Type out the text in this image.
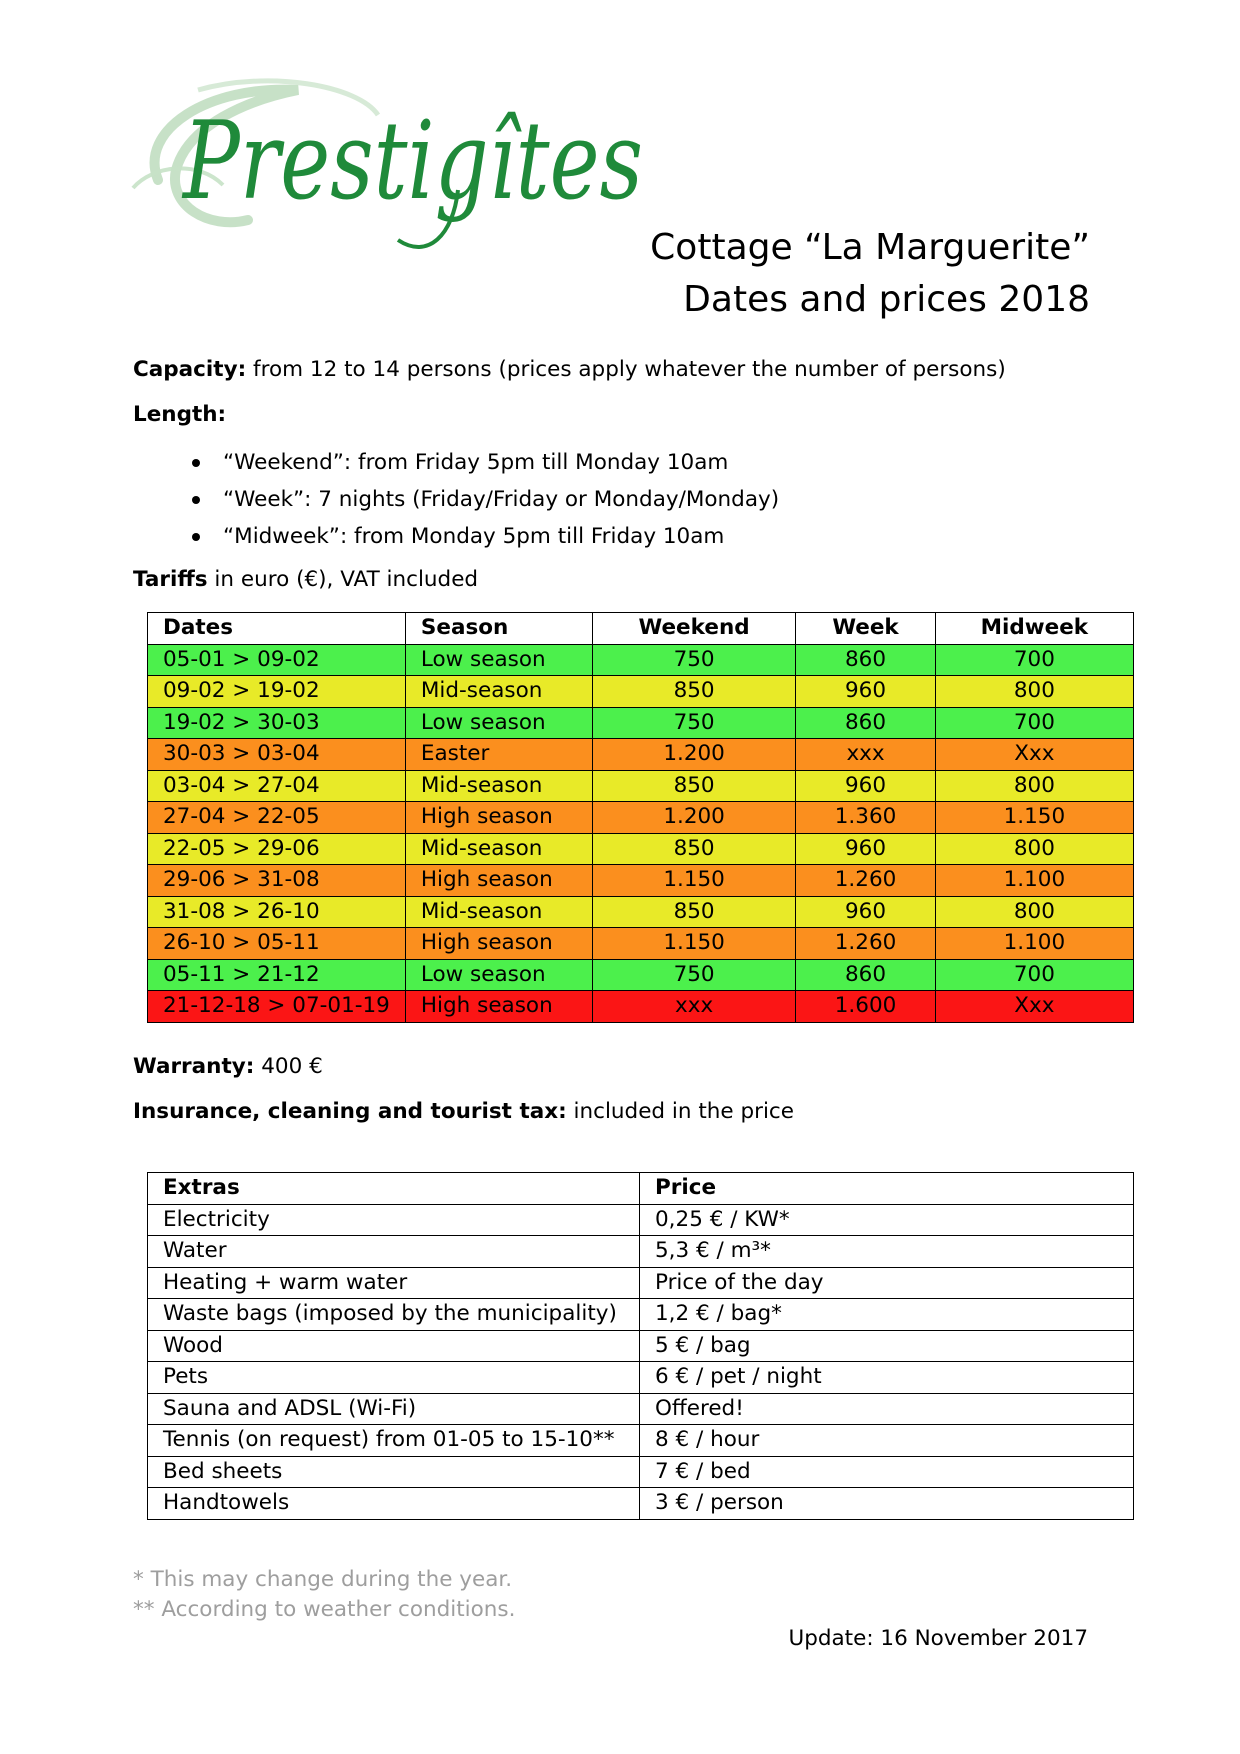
Prestigîtes
Cottage “La Marguerite”
Dates and prices 2018
Capacity: from 12 to 14 persons (prices apply whatever the number of persons)
Length:
“Weekend”: from Friday 5pm till Monday 10am
“Week”: 7 nights (Friday/Friday or Monday/Monday)
“Midweek”: from Monday 5pm till Friday 10am
Tariffs in euro (€), VAT included
Dates	Season	Weekend	Week	Midweek
05-01 > 09-02	Low season	750	860	700
09-02 > 19-02	Mid-season	850	960	800
19-02 > 30-03	Low season	750	860	700
30-03 > 03-04	Easter	1.200	xxx	Xxx
03-04 > 27-04	Mid-season	850	960	800
27-04 > 22-05	High season	1.200	1.360	1.150
22-05 > 29-06	Mid-season	850	960	800
29-06 > 31-08	High season	1.150	1.260	1.100
31-08 > 26-10	Mid-season	850	960	800
26-10 > 05-11	High season	1.150	1.260	1.100
05-11 > 21-12	Low season	750	860	700
21-12-18 > 07-01-19	High season	xxx	1.600	Xxx
Warranty: 400 €
Insurance, cleaning and tourist tax: included in the price
Extras	Price
Electricity	0,25 € / KW*
Water	5,3 € / m³*
Heating + warm water	Price of the day
Waste bags (imposed by the municipality)	1,2 € / bag*
Wood	5 € / bag
Pets	6 € / pet / night
Sauna and ADSL (Wi-Fi)	Offered!
Tennis (on request) from 01-05 to 15-10**	8 € / hour
Bed sheets	7 € / bed
Handtowels	3 € / person
* This may change during the year.
** According to weather conditions.
Update: 16 November 2017
